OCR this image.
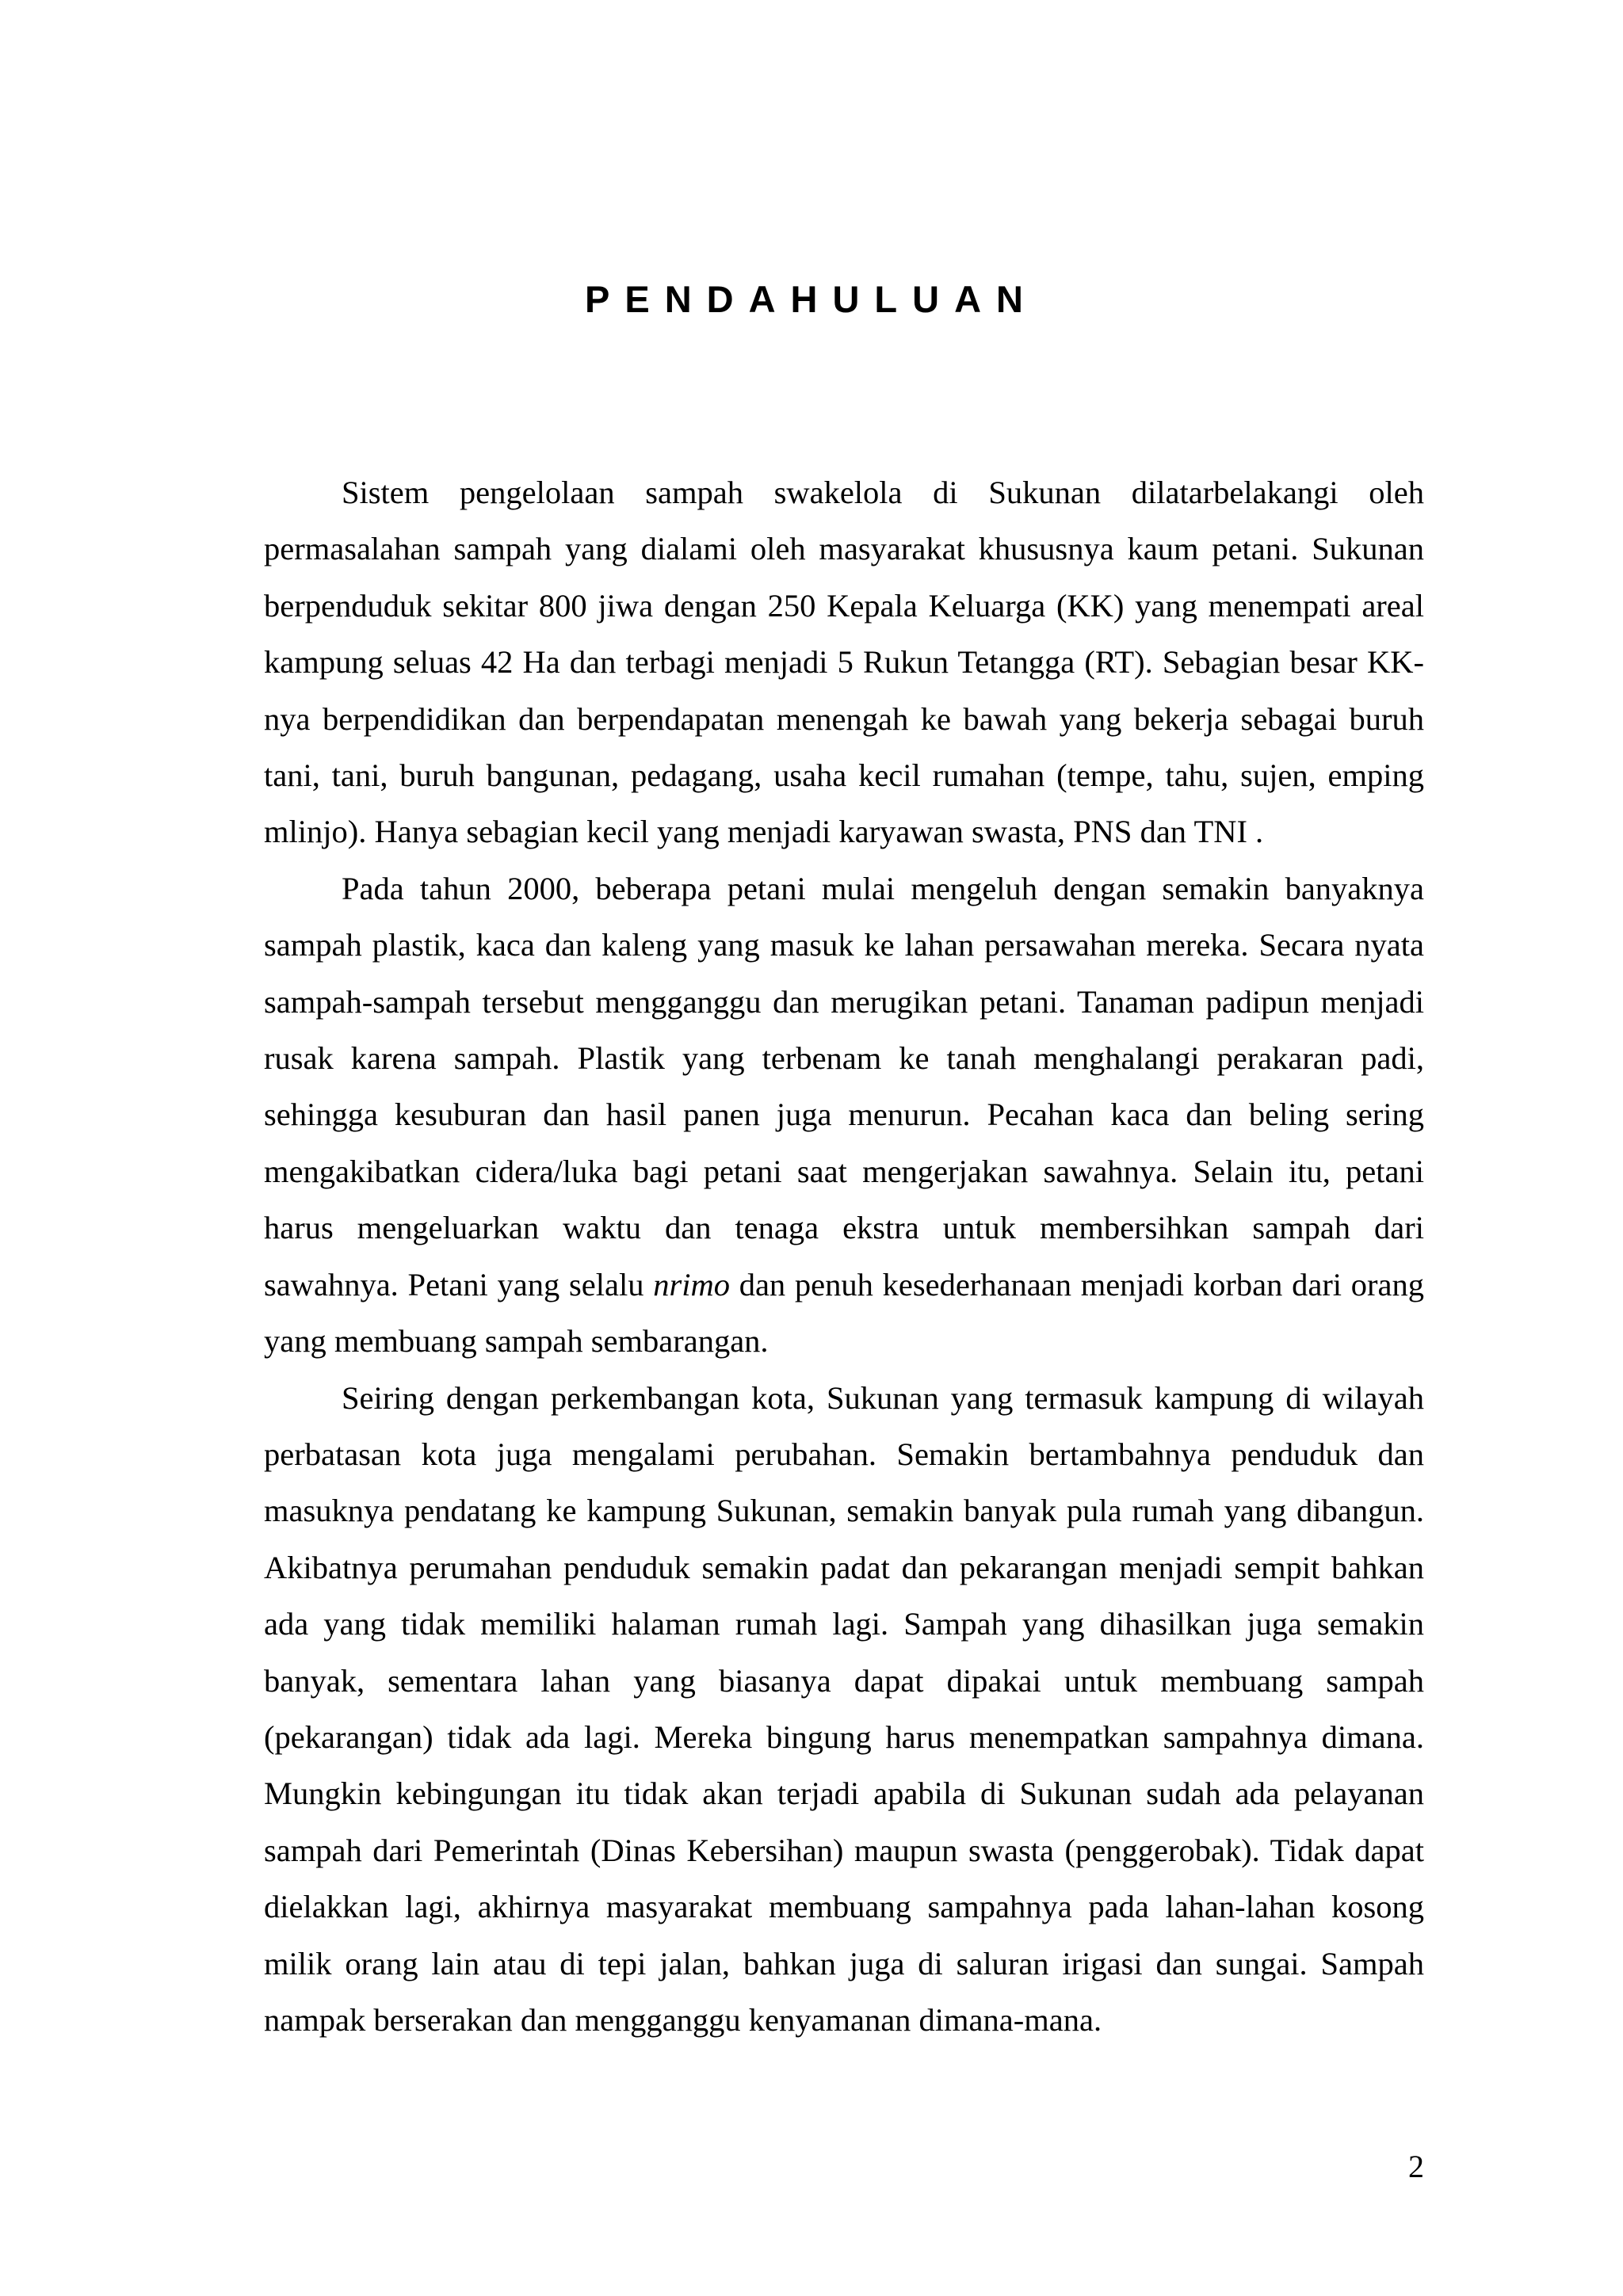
PENDAHULUAN

Sistem pengelolaan sampah swakelola di Sukunan dilatarbelakangi oleh permasalahan sampah yang dialami oleh masyarakat khususnya kaum petani. Sukunan berpenduduk sekitar 800 jiwa dengan 250 Kepala Keluarga (KK) yang menempati areal kampung seluas 42 Ha dan terbagi menjadi 5 Rukun Tetangga (RT). Sebagian besar KK-nya berpendidikan dan berpendapatan menengah ke bawah yang bekerja sebagai buruh tani, tani, buruh bangunan, pedagang, usaha kecil rumahan (tempe, tahu, sujen, emping mlinjo). Hanya sebagian kecil yang menjadi karyawan swasta, PNS dan TNI .

Pada tahun 2000, beberapa petani mulai mengeluh dengan semakin banyaknya sampah plastik, kaca dan kaleng yang masuk ke lahan persawahan mereka. Secara nyata sampah-sampah tersebut mengganggu dan merugikan petani. Tanaman padipun menjadi rusak karena sampah. Plastik yang terbenam ke tanah menghalangi perakaran padi, sehingga kesuburan dan hasil panen juga menurun. Pecahan kaca dan beling sering mengakibatkan cidera/luka bagi petani saat mengerjakan sawahnya. Selain itu, petani harus mengeluarkan waktu dan tenaga ekstra untuk membersihkan sampah dari sawahnya. Petani yang selalu nrimo dan penuh kesederhanaan menjadi korban dari orang yang membuang sampah sembarangan.

Seiring dengan perkembangan kota, Sukunan yang termasuk kampung di wilayah perbatasan kota juga mengalami perubahan. Semakin bertambahnya penduduk dan masuknya pendatang ke kampung Sukunan, semakin banyak pula rumah yang dibangun. Akibatnya perumahan penduduk semakin padat dan pekarangan menjadi sempit bahkan ada yang tidak memiliki halaman rumah lagi. Sampah yang dihasilkan juga semakin banyak, sementara lahan yang biasanya dapat dipakai untuk membuang sampah (pekarangan) tidak ada lagi. Mereka bingung harus menempatkan sampahnya dimana. Mungkin kebingungan itu tidak akan terjadi apabila di Sukunan sudah ada pelayanan sampah dari Pemerintah (Dinas Kebersihan) maupun swasta (penggerobak). Tidak dapat dielakkan lagi, akhirnya masyarakat membuang sampahnya pada lahan-lahan kosong milik orang lain atau di tepi jalan, bahkan juga di saluran irigasi dan sungai. Sampah nampak berserakan dan mengganggu kenyamanan dimana-mana.

2
